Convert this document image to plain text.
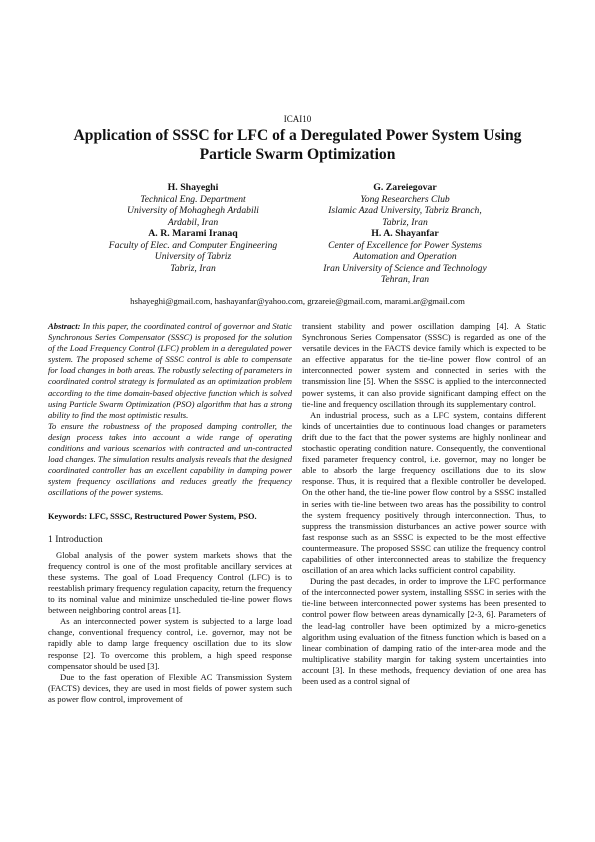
ICAI10
Application of SSSC for LFC of a Deregulated Power System Using Particle Swarm Optimization
H. Shayeghi
Technical Eng. Department
University of Mohaghegh Ardabili
Ardabil, Iran
G. Zareiegovar
Yong Researchers Club
Islamic Azad University, Tabriz Branch,
Tabriz, Iran
A. R. Marami Iranaq
Faculty of Elec. and Computer Engineering
University of Tabriz
Tabriz, Iran
H. A. Shayanfar
Center of Excellence for Power Systems
Automation and Operation
Iran University of Science and Technology
Tehran, Iran
hshayeghi@gmail.com, hashayanfar@yahoo.com, grzareie@gmail.com, marami.ar@gmail.com

Abstract: In this paper, the coordinated control of governor and Static Synchronous Series Compensator (SSSC) is proposed for the solution of the Load Frequency Control (LFC) problem in a deregulated power system. The proposed scheme of SSSC control is able to compensate for load changes in both areas. The robustly selecting of parameters in coordinated control strategy is formulated as an optimization problem according to the time domain-based objective function which is solved using Particle Swarm Optimization (PSO) algorithm that has a strong ability to find the most optimistic results.

To ensure the robustness of the proposed damping controller, the design process takes into account a wide range of operating conditions and various scenarios with contracted and un-contracted load changes. The simulation results analysis reveals that the designed coordinated controller has an excellent capability in damping power system frequency oscillations and reduces greatly the frequency oscillations of the power systems.

Keywords: LFC, SSSC, Restructured Power System, PSO.

1 Introduction

Global analysis of the power system markets shows that the frequency control is one of the most profitable ancillary services at these systems. The goal of Load Frequency Control (LFC) is to reestablish primary frequency regulation capacity, return the frequency to its nominal value and minimize unscheduled tie-line power flows between neighboring control areas [1].

As an interconnected power system is subjected to a large load change, conventional frequency control, i.e. governor, may not be rapidly able to damp large frequency oscillation due to its slow response [2]. To overcome this problem, a high speed response compensator should be used [3].

Due to the fast operation of Flexible AC Transmission System (FACTS) devices, they are used in most fields of power system such as power flow control, improvement of

transient stability and power oscillation damping [4]. A Static Synchronous Series Compensator (SSSC) is regarded as one of the versatile devices in the FACTS device family which is expected to be an effective apparatus for the tie-line power flow control of an interconnected power system and connected in series with the transmission line [5]. When the SSSC is applied to the interconnected power systems, it can also provide significant damping effect on the tie-line and frequency oscillation through its supplementary control.

An industrial process, such as a LFC system, contains different kinds of uncertainties due to continuous load changes or parameters drift due to the fact that the power systems are highly nonlinear and stochastic operating condition nature. Consequently, the conventional fixed parameter frequency control, i.e. governor, may no longer be able to absorb the large frequency oscillations due to its slow response. Thus, it is required that a flexible controller be developed. On the other hand, the tie-line power flow control by a SSSC installed in series with tie-line between two areas has the possibility to control the system frequency positively through interconnection. Thus, to suppress the transmission disturbances an active power source with fast response such as an SSSC is expected to be the most effective countermeasure. The proposed SSSC can utilize the frequency control capabilities of other interconnected areas to stabilize the frequency oscillation of an area which lacks sufficient control capability.

During the past decades, in order to improve the LFC performance of the interconnected power system, installing SSSC in series with the tie-line between interconnected power systems has been presented to control power flow between areas dynamically [2-3, 6]. Parameters of the lead-lag controller have been optimized by a micro-genetics algorithm using evaluation of the fitness function which is based on a linear combination of damping ratio of the inter-area mode and the multiplicative stability margin for taking system uncertainties into account [3]. In these methods, frequency deviation of one area has been used as a control signal of
